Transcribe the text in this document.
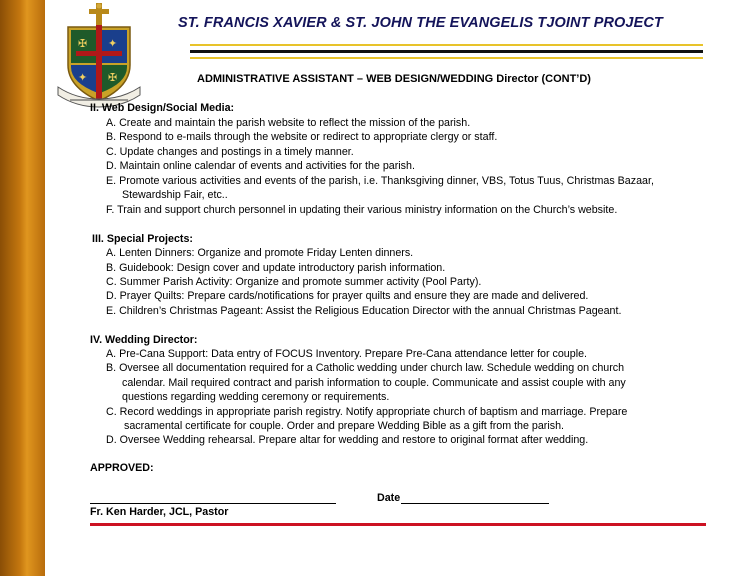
✠ ✦
✠
✦
ST. FRANCIS XAVIER & ST. JOHN THE EVANGELIS TJOINT PROJECT
ADMINISTRATIVE ASSISTANT – WEB DESIGN/WEDDING Director (CONT’D)
II. Web Design/Social Media:
A. Create and maintain the parish website to reflect the mission of the parish.
B. Respond to e-mails through the website or redirect to appropriate clergy or staff.
C. Update changes and postings in a timely manner.
D. Maintain online calendar of events and activities for the parish.
E. Promote various activities and events of the parish, i.e. Thanksgiving dinner, VBS, Totus Tuus, Christmas Bazaar,
Stewardship Fair, etc..
F. Train and support church personnel in updating their various ministry information on the Church’s website.
III. Special Projects:
A. Lenten Dinners: Organize and promote Friday Lenten dinners.
B. Guidebook: Design cover and update introductory parish information.
C. Summer Parish Activity: Organize and promote summer activity (Pool Party).
D. Prayer Quilts: Prepare cards/notifications for prayer quilts and ensure they are made and delivered.
E. Children’s Christmas Pageant: Assist the Religious Education Director with the annual Christmas Pageant.
IV. Wedding Director:
A. Pre-Cana Support: Data entry of FOCUS Inventory. Prepare Pre-Cana attendance letter for couple.
B. Oversee all documentation required for a Catholic wedding under church law. Schedule wedding on church
calendar. Mail required contract and parish information to couple. Communicate and assist couple with any
questions regarding wedding ceremony or requirements.
C. Record weddings in appropriate parish registry. Notify appropriate church of baptism and marriage. Prepare
sacramental certificate for couple. Order and prepare Wedding Bible as a gift from the parish.
D. Oversee Wedding rehearsal. Prepare altar for wedding and restore to original format after wedding.
APPROVED:
Fr. Ken Harder, JCL, Pastor
Date
